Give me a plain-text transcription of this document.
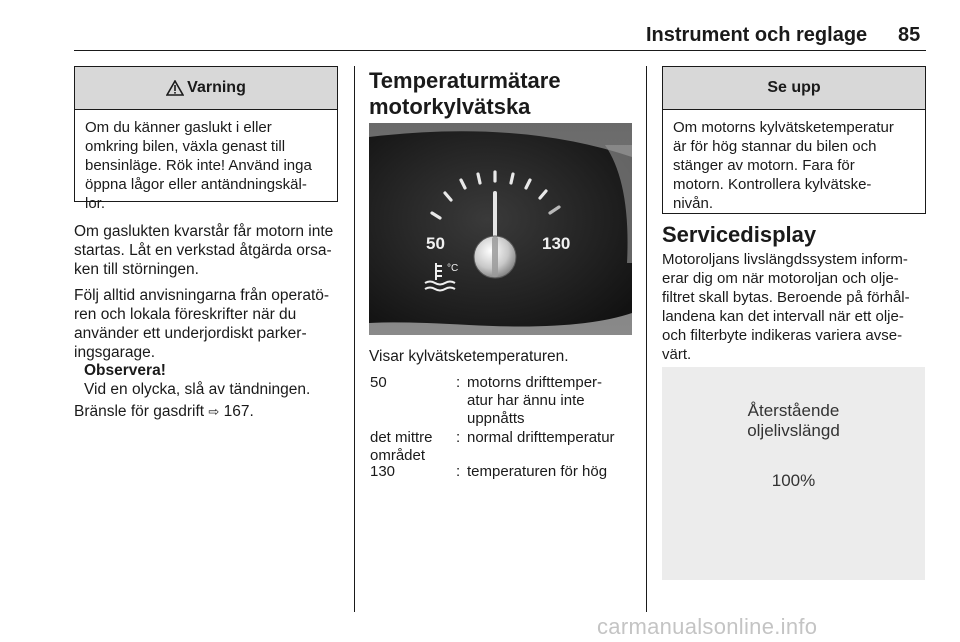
Instrument och reglage 85
Varning
Om du känner gaslukt i eller
omkring bilen, växla genast till
bensinläge. Rök inte! Använd inga
öppna lågor eller antändningskäl-
lor.
Om gaslukten kvarstår får motorn inte
startas. Låt en verkstad åtgärda orsa-
ken till störningen.
Följ alltid anvisningarna från operatö-
ren och lokala föreskrifter när du
använder ett underjordiskt parker-
ingsgarage.
Observera!
Vid en olycka, slå av tändningen.
Bränsle för gasdrift ⇨ 167.
Temperaturmätare
motorkylvätska
50	130
°C
Visar kylvätsketemperaturen.
50	: motorns drifttemper-
atur har ännu inte
uppnåtts
det mittre
området
: normal drifttemperatur
130	: temperaturen för hög
Se upp
Om motorns kylvätsketemperatur
är för hög stannar du bilen och
stänger av motorn. Fara för
motorn. Kontrollera kylvätske-
nivån.
Servicedisplay
Motoroljans livslängdssystem inform-
erar dig om när motoroljan och olje-
filtret skall bytas. Beroende på förhål-
landena kan det intervall när ett olje-
och filterbyte indikeras variera avse-
värt.
Återstående
oljelivslängd
100%
carmanualsonline.info
